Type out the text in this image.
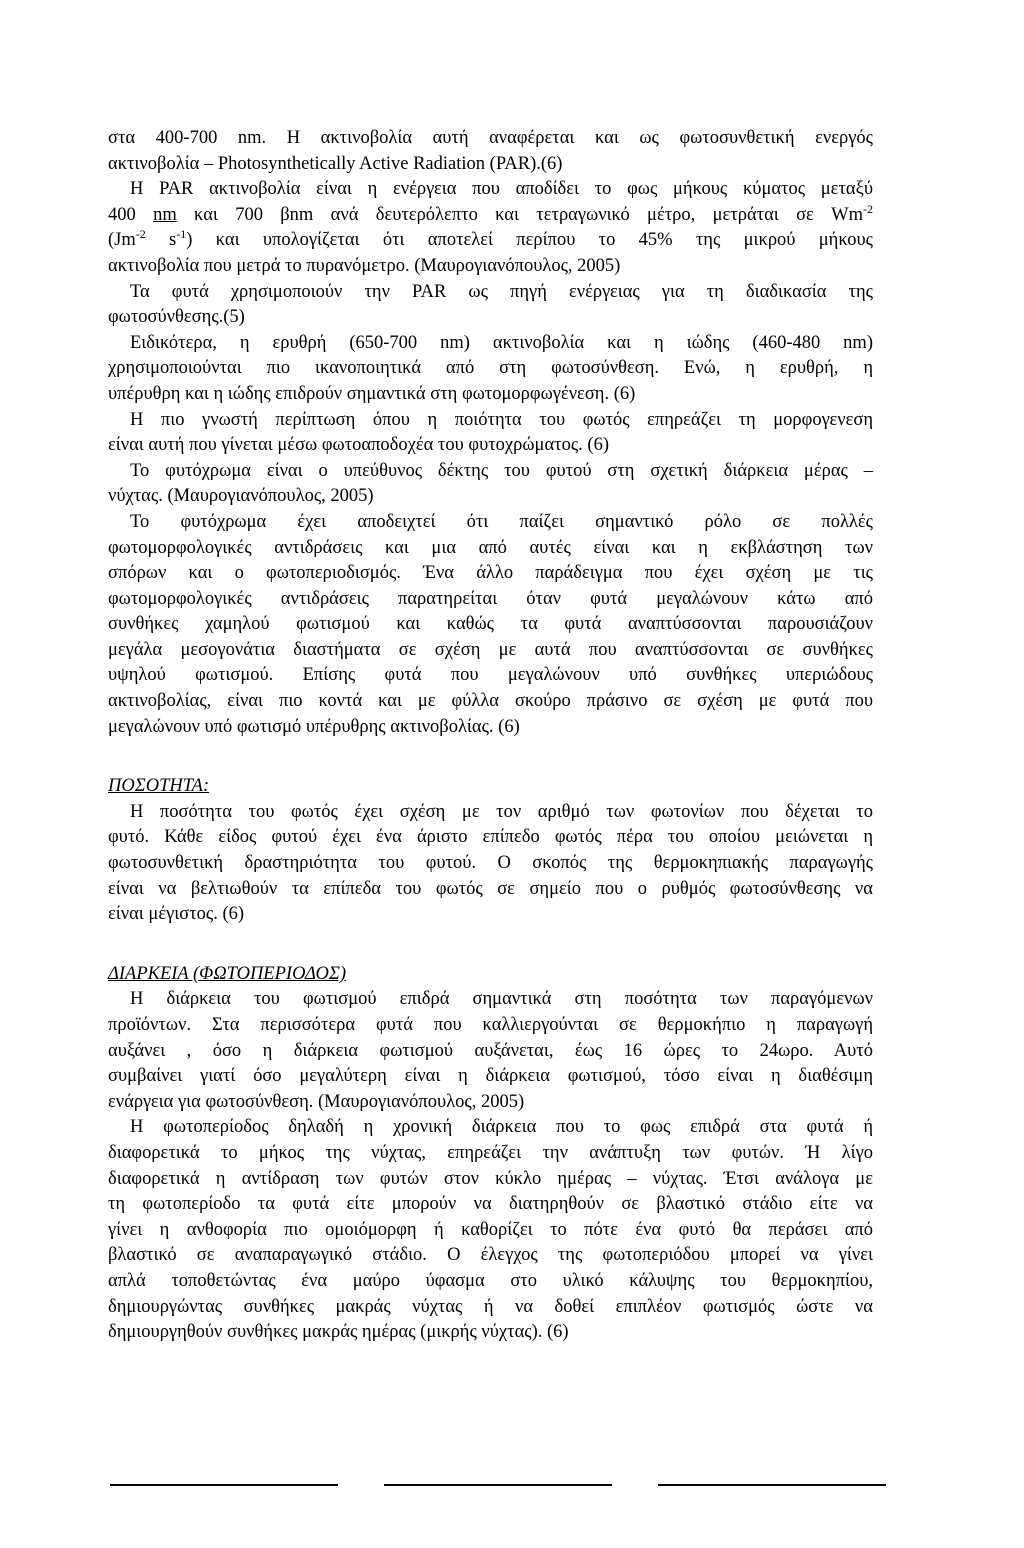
στα 400-700 nm. Η ακτινοβολία αυτή αναφέρεται και ως φωτοσυνθετική ενεργός
ακτινοβολία – Photosynthetically Active Radiation (PAR).(6)
Η PAR ακτινοβολία είναι η ενέργεια που αποδίδει το φως μήκους κύματος μεταξύ
400 nm και 700 βnm ανά δευτερόλεπτο και τετραγωνικό μέτρο, μετράται σε $Wm^{-2}$
($Jm^{-2}$ $s^{-1}$) και υπολογίζεται ότι αποτελεί περίπου το 45% της μικρού μήκους
ακτινοβολία που μετρά το πυρανόμετρο. (Μαυρογιανόπουλος, 2005)
Τα φυτά χρησιμοποιούν την PAR ως πηγή ενέργειας για τη διαδικασία της
φωτοσύνθεσης.(5)
Ειδικότερα, η ερυθρή (650-700 nm) ακτινοβολία και η ιώδης (460-480 nm)
χρησιμοποιούνται πιο ικανοποιητικά από στη φωτοσύνθεση. Ενώ, η ερυθρή, η
υπέρυθρη και η ιώδης επιδρούν σημαντικά στη φωτομορφωγένεση. (6)
Η πιο γνωστή περίπτωση όπου η ποιότητα του φωτός επηρεάζει τη μορφογενεση
είναι αυτή που γίνεται μέσω φωτοαποδοχέα του φυτοχρώματος. (6)
Το φυτόχρωμα είναι ο υπεύθυνος δέκτης του φυτού στη σχετική διάρκεια μέρας –
νύχτας. (Μαυρογιανόπουλος, 2005)
Το φυτόχρωμα έχει αποδειχτεί ότι παίζει σημαντικό ρόλο σε πολλές
φωτομορφολογικές αντιδράσεις και μια από αυτές είναι και η εκβλάστηση των
σπόρων και ο φωτοπεριοδισμός. Ένα άλλο παράδειγμα που έχει σχέση με τις
φωτομορφολογικές αντιδράσεις παρατηρείται όταν φυτά μεγαλώνουν κάτω από
συνθήκες χαμηλού φωτισμού και καθώς τα φυτά αναπτύσσονται παρουσιάζουν
μεγάλα μεσογονάτια διαστήματα σε σχέση με αυτά που αναπτύσσονται σε συνθήκες
υψηλού φωτισμού. Επίσης φυτά που μεγαλώνουν υπό συνθήκες υπεριώδους
ακτινοβολίας, είναι πιο κοντά και με φύλλα σκούρο πράσινο σε σχέση με φυτά που
μεγαλώνουν υπό φωτισμό υπέρυθρης ακτινοβολίας. (6)
ΠΟΣΟΤΗΤΑ:
Η ποσότητα του φωτός έχει σχέση με τον αριθμό των φωτονίων που δέχεται το
φυτό. Κάθε είδος φυτού έχει ένα άριστο επίπεδο φωτός πέρα του οποίου μειώνεται η
φωτοσυνθετική δραστηριότητα του φυτού. Ο σκοπός της θερμοκηπιακής παραγωγής
είναι να βελτιωθούν τα επίπεδα του φωτός σε σημείο που ο ρυθμός φωτοσύνθεσης να
είναι μέγιστος. (6)
ΔΙΑΡΚΕΙΑ (ΦΩΤΟΠΕΡΙΟΔΟΣ)
Η διάρκεια του φωτισμού επιδρά σημαντικά στη ποσότητα των παραγόμενων
προϊόντων. Στα περισσότερα φυτά που καλλιεργούνται σε θερμοκήπιο η παραγωγή
αυξάνει , όσο η διάρκεια φωτισμού αυξάνεται, έως 16 ώρες το 24ωρο. Αυτό
συμβαίνει γιατί όσο μεγαλύτερη είναι η διάρκεια φωτισμού, τόσο είναι η διαθέσιμη
ενάργεια για φωτοσύνθεση. (Μαυρογιανόπουλος, 2005)
Η φωτοπερίοδος δηλαδή η χρονική διάρκεια που το φως επιδρά στα φυτά ή
διαφορετικά το μήκος της νύχτας, επηρεάζει την ανάπτυξη των φυτών. Ή λίγο
διαφορετικά η αντίδραση των φυτών στον κύκλο ημέρας – νύχτας. Έτσι ανάλογα με
τη φωτοπερίοδο τα φυτά είτε μπορούν να διατηρηθούν σε βλαστικό στάδιο είτε να
γίνει η ανθοφορία πιο ομοιόμορφη ή καθορίζει το πότε ένα φυτό θα περάσει από
βλαστικό σε αναπαραγωγικό στάδιο. Ο έλεγχος της φωτοπεριόδου μπορεί να γίνει
απλά τοποθετώντας ένα μαύρο ύφασμα στο υλικό κάλυψης του θερμοκηπίου,
δημιουργώντας συνθήκες μακράς νύχτας ή να δοθεί επιπλέον φωτισμός ώστε να
δημιουργηθούν συνθήκες μακράς ημέρας (μικρής νύχτας). (6)
